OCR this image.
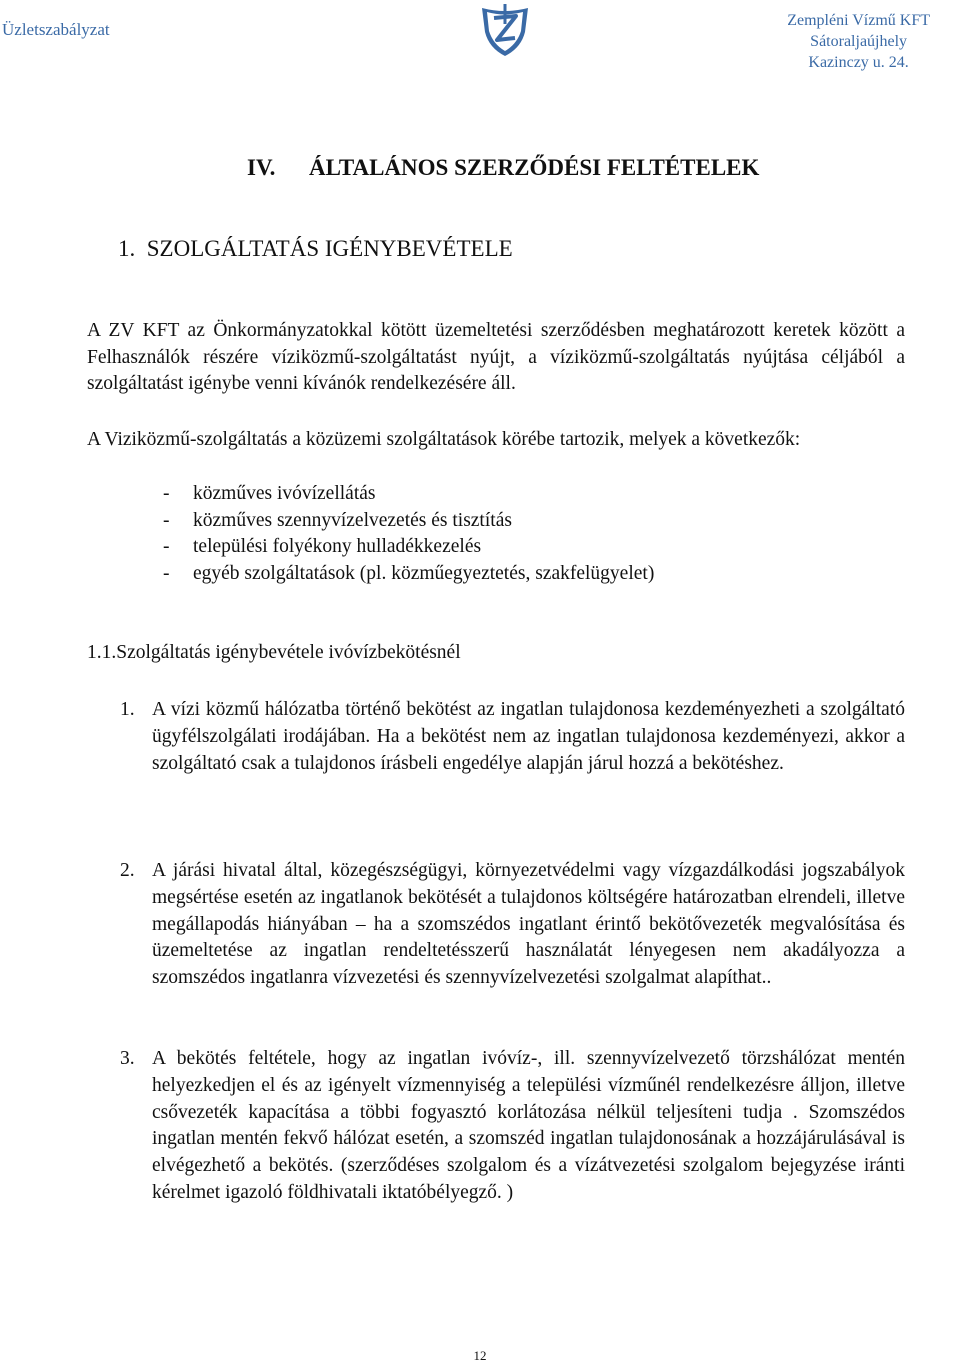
Üzletszabályzat	Zempléni Vízmű KFT
Sátoraljaújhely
Kazinczy u. 24.
IV. ÁLTALÁNOS SZERZŐDÉSI FELTÉTELEK
1.  SZOLGÁLTATÁS IGÉNYBEVÉTELE
A ZV KFT az Önkormányzatokkal kötött üzemeltetési szerződésben meghatározott keretek között a Felhasználók részére víziközmű-szolgáltatást nyújt, a víziközmű-szolgáltatás nyújtása céljából a szolgáltatást igénybe venni kívánók rendelkezésére áll.
A Viziközmű-szolgáltatás a közüzemi szolgáltatások körébe tartozik, melyek a következők:
- közműves ivóvízellátás
- közműves szennyvízelvezetés és tisztítás
- települési folyékony hulladékkezelés
- egyéb szolgáltatások (pl. közműegyeztetés, szakfelügyelet)
1.1.Szolgáltatás igénybevétele ivóvízbekötésnél
1. A vízi közmű hálózatba történő bekötést az ingatlan tulajdonosa kezdeményezheti a szolgáltató ügyfélszolgálati irodájában. Ha a bekötést nem az ingatlan tulajdonosa kezdeményezi, akkor a szolgáltató csak a tulajdonos írásbeli engedélye alapján járul hozzá a bekötéshez.
2. A járási hivatal által, közegészségügyi, környezetvédelmi vagy vízgazdálkodási jogszabályok megsértése esetén az ingatlanok bekötését a tulajdonos költségére határozatban elrendeli, illetve megállapodás hiányában – ha a szomszédos ingatlant érintő bekötővezeték megvalósítása és üzemeltetése az ingatlan rendeltetésszerű használatát lényegesen nem akadályozza a szomszédos ingatlanra vízvezetési és szennyvízelvezetési szolgalmat alapíthat..
3. A bekötés feltétele, hogy az ingatlan ivóvíz-, ill. szennyvízelvezető törzshálózat mentén helyezkedjen el és az igényelt vízmennyiség a települési vízműnél rendelkezésre álljon, illetve csővezeték kapacítása a többi fogyasztó korlátozása nélkül teljesíteni tudja . Szomszédos ingatlan mentén fekvő hálózat esetén, a szomszéd ingatlan tulajdonosának a hozzájárulásával is elvégezhető a bekötés. (szerződéses szolgalom és a vízátvezetési szolgalom bejegyzése iránti kérelmet igazoló földhivatali iktatóbélyegző. )
12
